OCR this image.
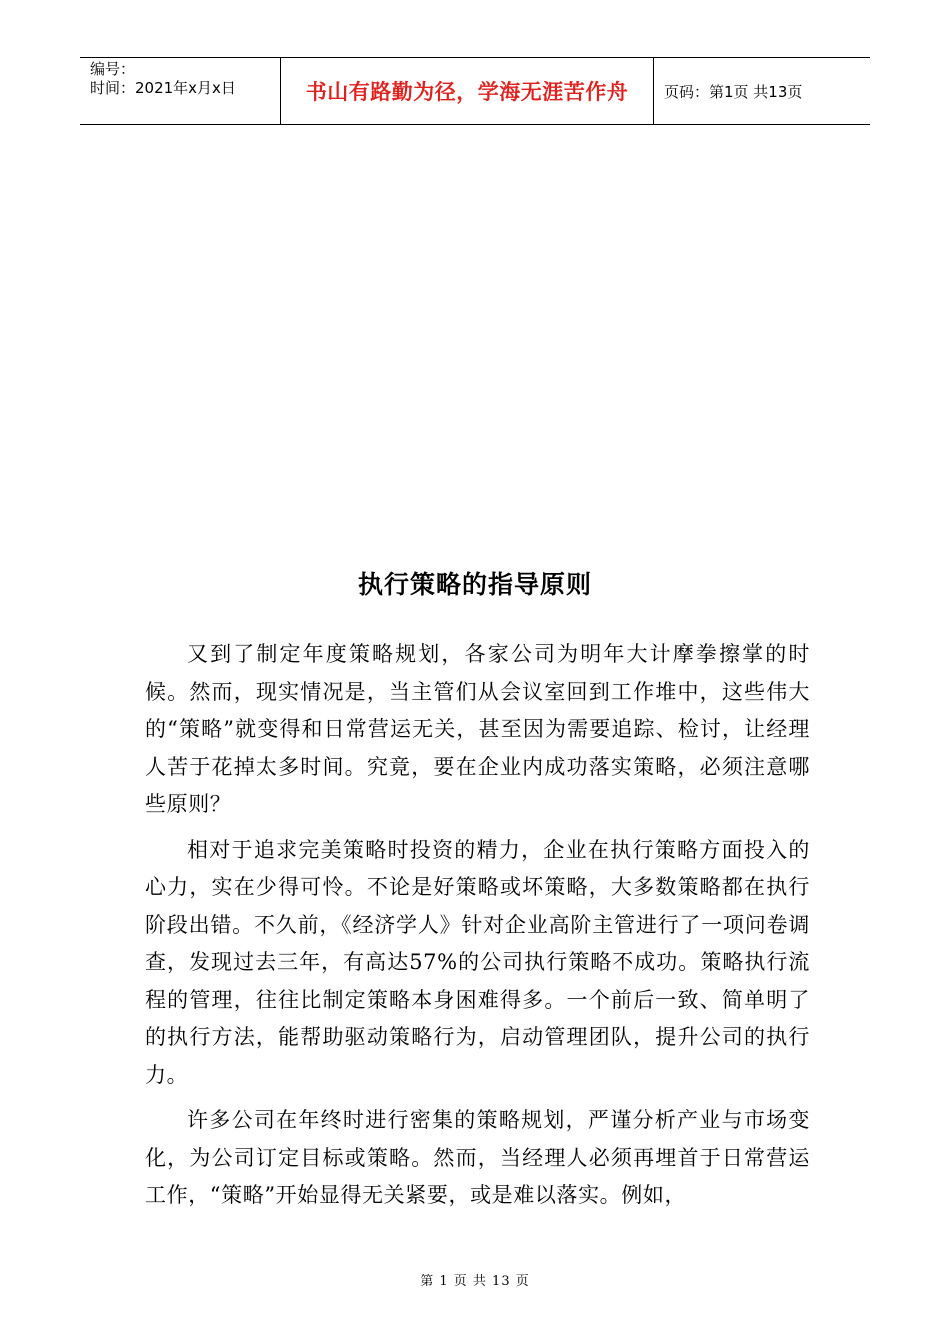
编号：
时间：2021年x月x日	书山有路勤为径，学海无涯苦作舟	页码：第1页 共13页
执行策略的指导原则

又到了制定年度策略规划，各家公司为明年大计摩拳擦掌的时候。然而，现实情况是，当主管们从会议室回到工作堆中，这些伟大的“策略”就变得和日常营运无关，甚至因为需要追踪、检讨，让经理人苦于花掉太多时间。究竟，要在企业内成功落实策略，必须注意哪些原则？

相对于追求完美策略时投资的精力，企业在执行策略方面投入的心力，实在少得可怜。不论是好策略或坏策略，大多数策略都在执行阶段出错。不久前，《经济学人》针对企业高阶主管进行了一项问卷调查，发现过去三年，有高达57%的公司执行策略不成功。策略执行流程的管理，往往比制定策略本身困难得多。一个前后一致、简单明了的执行方法，能帮助驱动策略行为，启动管理团队，提升公司的执行力。

许多公司在年终时进行密集的策略规划，严谨分析产业与市场变化，为公司订定目标或策略。然而，当经理人必须再埋首于日常营运工作，“策略”开始显得无关紧要，或是难以落实。例如，

第 1 页 共 13 页
